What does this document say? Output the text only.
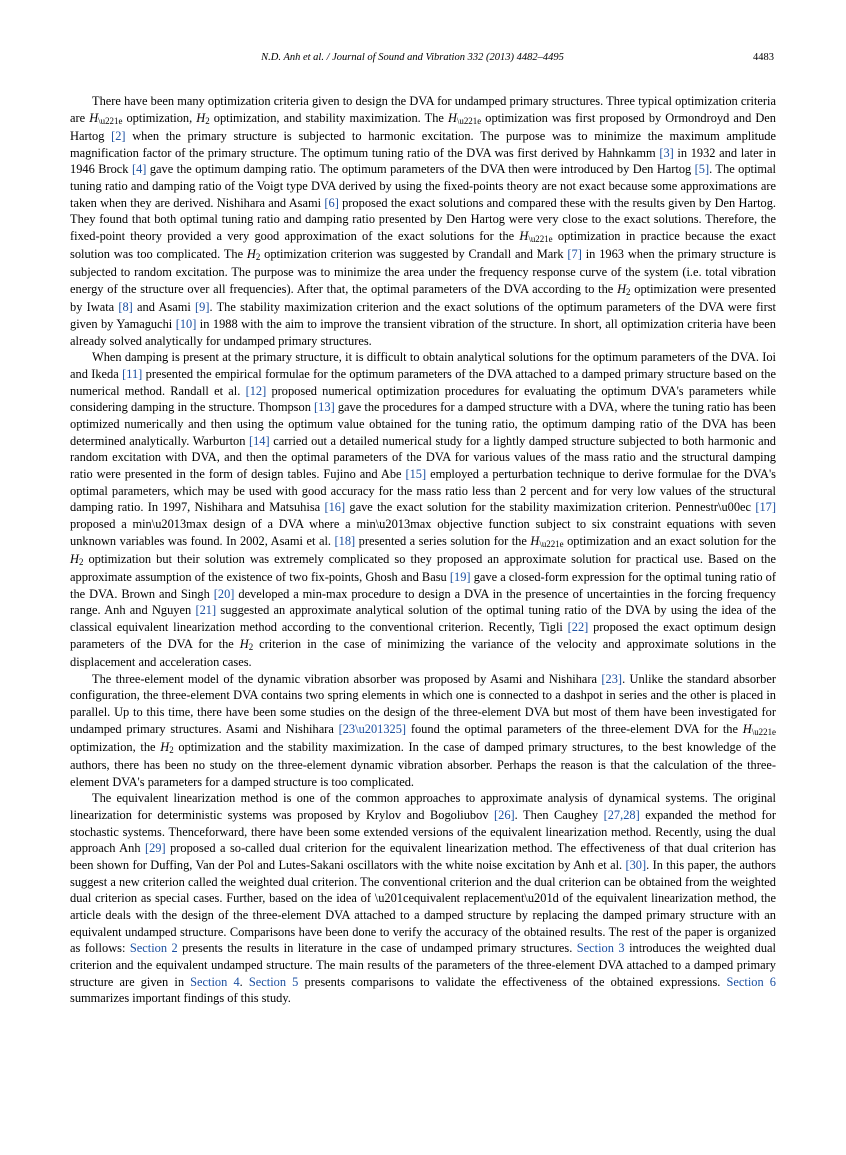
N.D. Anh et al. / Journal of Sound and Vibration 332 (2013) 4482–4495	4483

There have been many optimization criteria given to design the DVA for undamped primary structures. Three typical optimization criteria are $H_{\backslash u221e}$ optimization, $H_2$ optimization, and stability maximization. The $H_{\backslash u221e}$ optimization was first proposed by Ormondroyd and Den Hartog [2] when the primary structure is subjected to harmonic excitation. The purpose was to minimize the maximum amplitude magnification factor of the primary structure. The optimum tuning ratio of the DVA was first derived by Hahnkamm [3] in 1932 and later in 1946 Brock [4] gave the optimum damping ratio. The optimum parameters of the DVA then were introduced by Den Hartog [5]. The optimal tuning ratio and damping ratio of the Voigt type DVA derived by using the fixed-points theory are not exact because some approximations are taken when they are derived. Nishihara and Asami [6] proposed the exact solutions and compared these with the results given by Den Hartog. They found that both optimal tuning ratio and damping ratio presented by Den Hartog were very close to the exact solutions. Therefore, the fixed-point theory provided a very good approximation of the exact solutions for the $H_{\backslash u221e}$ optimization in practice because the exact solution was too complicated. The $H_2$ optimization criterion was suggested by Crandall and Mark [7] in 1963 when the primary structure is subjected to random excitation. The purpose was to minimize the area under the frequency response curve of the system (i.e. total vibration energy of the structure over all frequencies). After that, the optimal parameters of the DVA according to the $H_2$ optimization were presented by Iwata [8] and Asami [9]. The stability maximization criterion and the exact solutions of the optimum parameters of the DVA were first given by Yamaguchi [10] in 1988 with the aim to improve the transient vibration of the structure. In short, all optimization criteria have been already solved analytically for undamped primary structures.

When damping is present at the primary structure, it is difficult to obtain analytical solutions for the optimum parameters of the DVA. Ioi and Ikeda [11] presented the empirical formulae for the optimum parameters of the DVA attached to a damped primary structure based on the numerical method. Randall et al. [12] proposed numerical optimization procedures for evaluating the optimum DVA's parameters while considering damping in the structure. Thompson [13] gave the procedures for a damped structure with a DVA, where the tuning ratio has been optimized numerically and then using the optimum value obtained for the tuning ratio, the optimum damping ratio of the DVA has been determined analytically. Warburton [14] carried out a detailed numerical study for a lightly damped structure subjected to both harmonic and random excitation with DVA, and then the optimal parameters of the DVA for various values of the mass ratio and the structural damping ratio were presented in the form of design tables. Fujino and Abe [15] employed a perturbation technique to derive formulae for the DVA's optimal parameters, which may be used with good accuracy for the mass ratio less than 2 percent and for very low values of the structural damping ratio. In 1997, Nishihara and Matsuhisa [16] gave the exact solution for the stability maximization criterion. Pennestr\u00ec [17] proposed a min\u2013max design of a DVA where a min\u2013max objective function subject to six constraint equations with seven unknown variables was found. In 2002, Asami et al. [18] presented a series solution for the $H_{\backslash u221e}$ optimization and an exact solution for the $H_2$ optimization but their solution was extremely complicated so they proposed an approximate solution for practical use. Based on the approximate assumption of the existence of two fix-points, Ghosh and Basu [19] gave a closed-form expression for the optimal tuning ratio of the DVA. Brown and Singh [20] developed a min-max procedure to design a DVA in the presence of uncertainties in the forcing frequency range. Anh and Nguyen [21] suggested an approximate analytical solution of the optimal tuning ratio of the DVA by using the idea of the classical equivalent linearization method according to the conventional criterion. Recently, Tigli [22] proposed the exact optimum design parameters of the DVA for the $H_2$ criterion in the case of minimizing the variance of the velocity and approximate solutions in the displacement and acceleration cases.

The three-element model of the dynamic vibration absorber was proposed by Asami and Nishihara [23]. Unlike the standard absorber configuration, the three-element DVA contains two spring elements in which one is connected to a dashpot in series and the other is placed in parallel. Up to this time, there have been some studies on the design of the three-element DVA but most of them have been investigated for undamped primary structures. Asami and Nishihara [23\u201325] found the optimal parameters of the three-element DVA for the $H_{\backslash u221e}$ optimization, the $H_2$ optimization and the stability maximization. In the case of damped primary structures, to the best knowledge of the authors, there has been no study on the three-element dynamic vibration absorber. Perhaps the reason is that the calculation of the three-element DVA's parameters for a damped structure is too complicated.

The equivalent linearization method is one of the common approaches to approximate analysis of dynamical systems. The original linearization for deterministic systems was proposed by Krylov and Bogoliubov [26]. Then Caughey [27,28] expanded the method for stochastic systems. Thenceforward, there have been some extended versions of the equivalent linearization method. Recently, using the dual approach Anh [29] proposed a so-called dual criterion for the equivalent linearization method. The effectiveness of that dual criterion has been shown for Duffing, Van der Pol and Lutes-Sakani oscillators with the white noise excitation by Anh et al. [30]. In this paper, the authors suggest a new criterion called the weighted dual criterion. The conventional criterion and the dual criterion can be obtained from the weighted dual criterion as special cases. Further, based on the idea of \u201cequivalent replacement\u201d of the equivalent linearization method, the article deals with the design of the three-element DVA attached to a damped structure by replacing the damped primary structure with an equivalent undamped structure. Comparisons have been done to verify the accuracy of the obtained results. The rest of the paper is organized as follows: Section 2 presents the results in literature in the case of undamped primary structures. Section 3 introduces the weighted dual criterion and the equivalent undamped structure. The main results of the parameters of the three-element DVA attached to a damped primary structure are given in Section 4. Section 5 presents comparisons to validate the effectiveness of the obtained expressions. Section 6 summarizes important findings of this study.
